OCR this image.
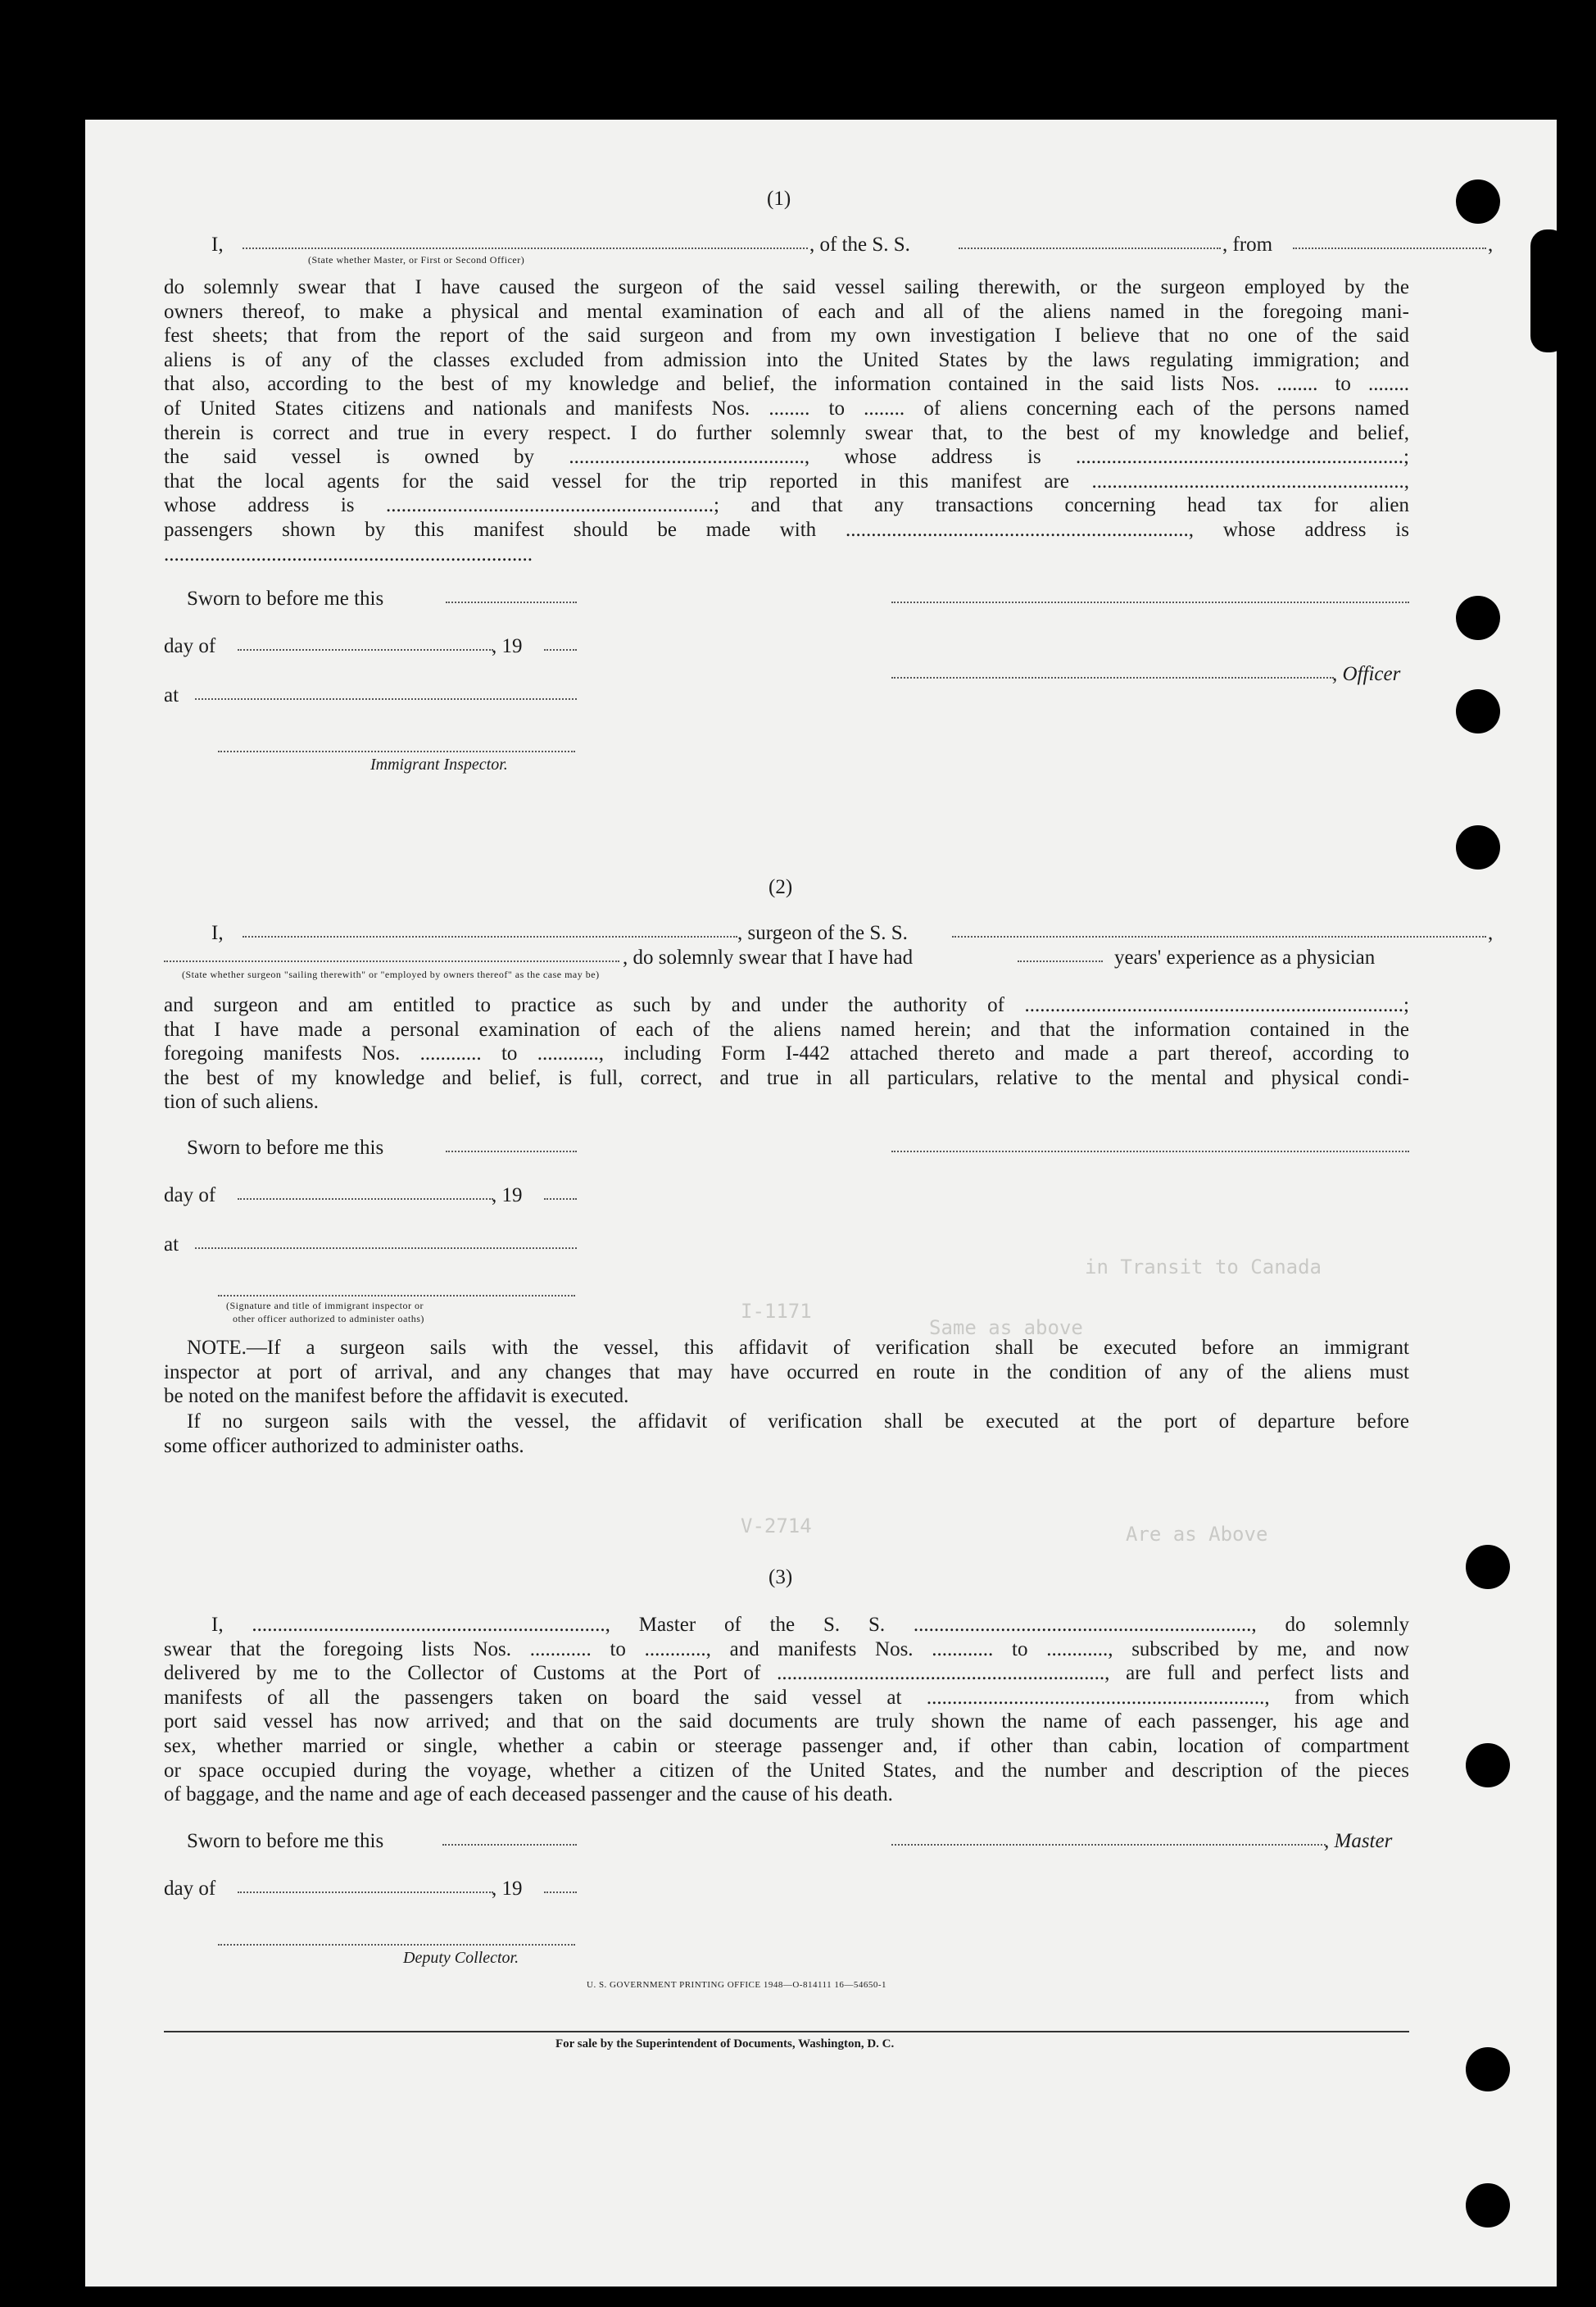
(1)
I,
(State whether Master, or First or Second Officer)
, of the S. S.	, from	,
do solemnly swear that I have caused the surgeon of the said vessel sailing therewith, or the surgeon employed by the
owners thereof, to make a physical and mental examination of each and all of the aliens named in the foregoing mani-
fest sheets; that from the report of the said surgeon and from my own investigation I believe that no one of the said
aliens is of any of the classes excluded from admission into the United States by the laws regulating immigration; and
that also, according to the best of my knowledge and belief, the information contained in the said lists Nos. ........ to ........
of United States citizens and nationals and manifests Nos. ........ to ........ of aliens concerning each of the persons named
therein is correct and true in every respect. I do further solemnly swear that, to the best of my knowledge and belief,
the said vessel is owned by .............................................., whose address is ................................................................;
that the local agents for the said vessel for the trip reported in this manifest are .............................................................,
whose address is ................................................................; and that any transactions concerning head tax for alien
passengers shown by this manifest should be made with ..................................................................., whose address is
........................................................................
Sworn to before me this
day of	, 19
, Officer
at
Immigrant Inspector.
(2)
I,	, surgeon of the S. S.	,
, do solemnly swear that I have had	years' experience as a physician
(State whether surgeon "sailing therewith" or "employed by owners thereof" as the case may be)
and surgeon and am entitled to practice as such by and under the authority of ..........................................................................;
that I have made a personal examination of each of the aliens named herein; and that the information contained in the
foregoing manifests Nos. ............ to ............, including Form I-442 attached thereto and made a part thereof, according to
the best of my knowledge and belief, is full, correct, and true in all particulars, relative to the mental and physical condi-
tion of such aliens.
Sworn to before me this
day of	, 19
at
(Signature and title of immigrant inspector or
other officer authorized to administer oaths)
NOTE.—If a surgeon sails with the vessel, this affidavit of verification shall be executed before an immigrant
inspector at port of arrival, and any changes that may have occurred en route in the condition of any of the aliens must
be noted on the manifest before the affidavit is executed.
If no surgeon sails with the vessel, the affidavit of verification shall be executed at the port of departure before
some officer authorized to administer oaths.
(3)
I, ....................................................................., Master of the S. S. .................................................................., do solemnly
swear that the foregoing lists Nos. ............ to ............, and manifests Nos. ............ to ............, subscribed by me, and now
delivered by me to the Collector of Customs at the Port of ................................................................, are full and perfect lists and
manifests of all the passengers taken on board the said vessel at .................................................................., from which
port said vessel has now arrived; and that on the said documents are truly shown the name of each passenger, his age and
sex, whether married or single, whether a cabin or steerage passenger and, if other than cabin, location of compartment
or space occupied during the voyage, whether a citizen of the United States, and the number and description of the pieces
of baggage, and the name and age of each deceased passenger and the cause of his death.
Sworn to before me this	, Master
day of	, 19
Deputy Collector.
U. S. GOVERNMENT PRINTING OFFICE 1948—O-814111 16—54650-1
For sale by the Superintendent of Documents, Washington, D. C.
I-1171
Same as above
V-2714
in Transit to Canada
Are as Above
